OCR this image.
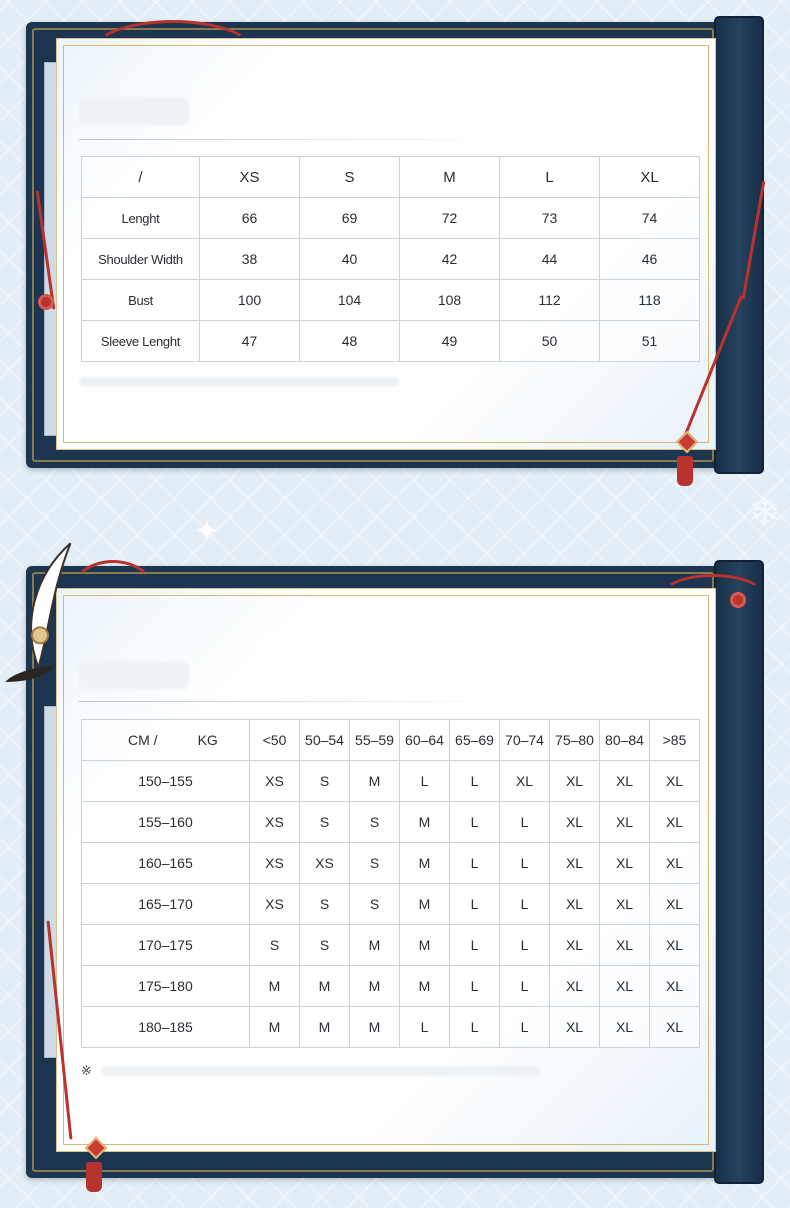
/	XS	S	M	L	XL
Lenght	66	69	72	73	74
Shoulder Width	38	40	42	44	46
Bust	100	104	108	112	118
Sleeve Lenght	47	48	49	50	51
✦	❄
CM / KG	<50	50–54	55–59	60–64	65–69	70–74	75–80	80–84	>85
150–155	XS	S	M	L	L	XL	XL	XL	XL
155–160	XS	S	S	M	L	L	XL	XL	XL
160–165	XS	XS	S	M	L	L	XL	XL	XL
165–170	XS	S	S	M	L	L	XL	XL	XL
170–175	S	S	M	M	L	L	XL	XL	XL
175–180	M	M	M	M	L	L	XL	XL	XL
180–185	M	M	M	L	L	L	XL	XL	XL
※
